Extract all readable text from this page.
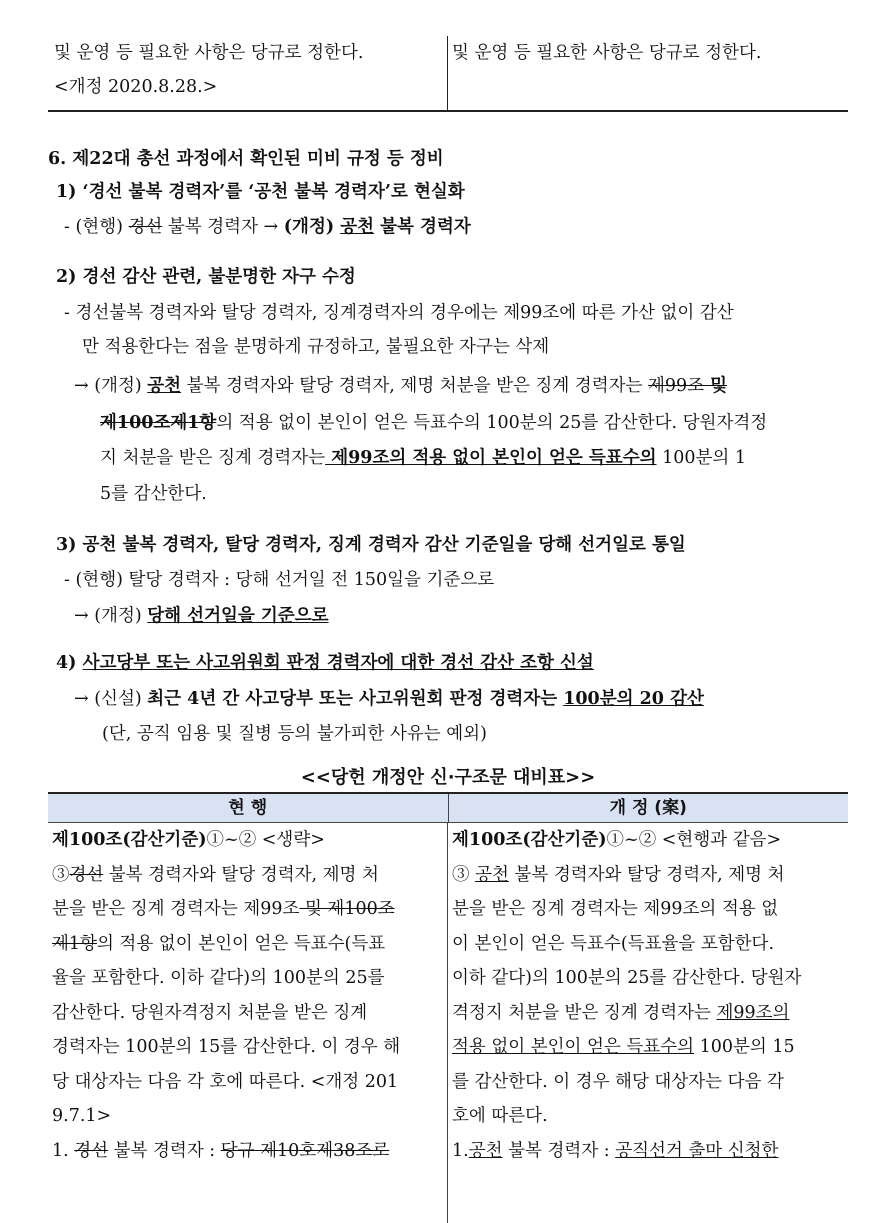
및 운영 등 필요한 사항은 당규로 정한다.
<개정 2020.8.28.>
및 운영 등 필요한 사항은 당규로 정한다.
6. 제22대 총선 과정에서 확인된 미비 규정 등 정비
1) ‘경선 불복 경력자’를 ‘공천 불복 경력자’로 현실화
- (현행) 경선 불복 경력자 → (개정) 공천 불복 경력자
2) 경선 감산 관련, 불분명한 자구 수정
- 경선불복 경력자와 탈당 경력자, 징계경력자의 경우에는 제99조에 따른 가산 없이 감산
만 적용한다는 점을 분명하게 규정하고, 불필요한 자구는 삭제
→ (개정) 공천 불복 경력자와 탈당 경력자, 제명 처분을 받은 징계 경력자는 제99조 및
제100조제1항의 적용 없이 본인이 얻은 득표수의 100분의 25를 감산한다. 당원자격정
지 처분을 받은 징계 경력자는 제99조의 적용 없이 본인이 얻은 득표수의 100분의 1
5를 감산한다.
3) 공천 불복 경력자, 탈당 경력자, 징계 경력자 감산 기준일을 당해 선거일로 통일
- (현행) 탈당 경력자 : 당해 선거일 전 150일을 기준으로
→ (개정) 당해 선거일을 기준으로
4) 사고당부 또는 사고위원회 판정 경력자에 대한 경선 감산 조항 신설
→ (신설) 최근 4년 간 사고당부 또는 사고위원회 판정 경력자는 100분의 20 감산
(단, 공직 임용 및 질병 등의 불가피한 사유는 예외)
<<당헌 개정안 신·구조문 대비표>>
현 행	개 정 (案)
제100조(감산기준)①~② <생략>
③경선 불복 경력자와 탈당 경력자, 제명 처
분을 받은 징계 경력자는 제99조 및 제100조
제1항의 적용 없이 본인이 얻은 득표수(득표
율을 포함한다. 이하 같다)의 100분의 25를
감산한다. 당원자격정지 처분을 받은 징계
경력자는 100분의 15를 감산한다. 이 경우 해
당 대상자는 다음 각 호에 따른다. <개정 201
9.7.1>
1. 경선 불복 경력자 : 당규 제10호제38조로
제100조(감산기준)①~② <현행과 같음>
③ 공천 불복 경력자와 탈당 경력자, 제명 처
분을 받은 징계 경력자는 제99조의 적용 없
이 본인이 얻은 득표수(득표율을 포함한다.
이하 같다)의 100분의 25를 감산한다. 당원자
격정지 처분을 받은 징계 경력자는 제99조의
적용 없이 본인이 얻은 득표수의 100분의 15
를 감산한다. 이 경우 해당 대상자는 다음 각
호에 따른다.
1.공천 불복 경력자 : 공직선거 출마 신청한
